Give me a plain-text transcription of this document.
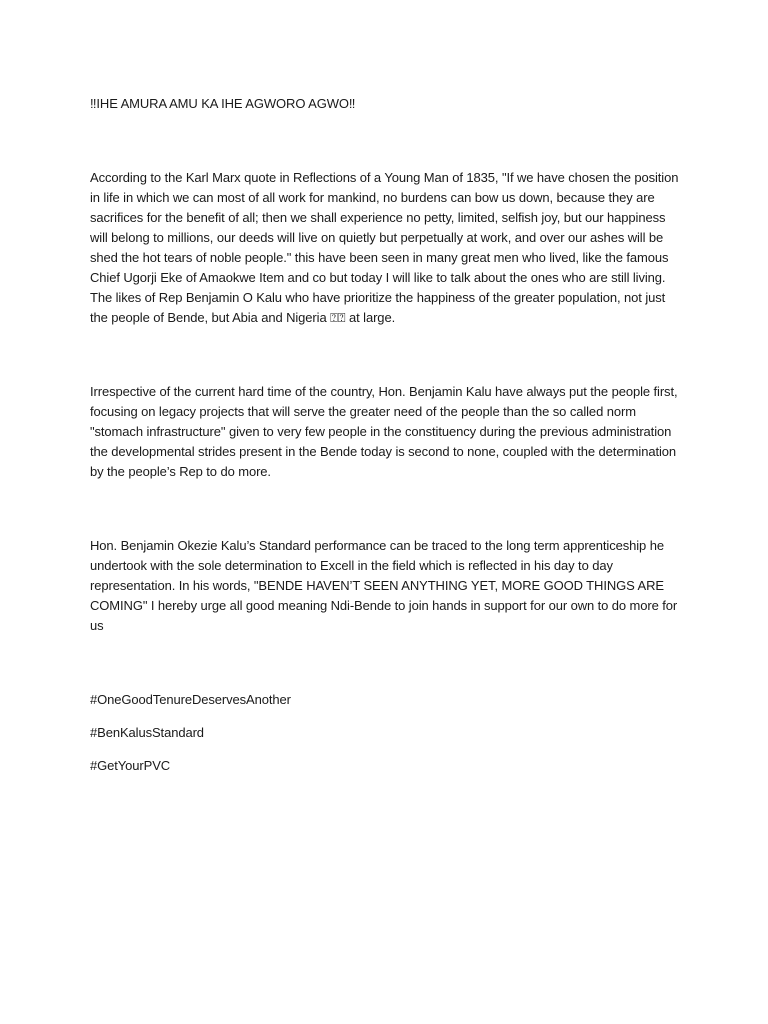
‼IHE AMURA AMU KA IHE AGWORO AGWO‼

According to the Karl Marx quote in Reflections of a Young Man of 1835, "If we have chosen the position in life in which we can most of all work for mankind, no burdens can bow us down, because they are sacrifices for the benefit of all; then we shall experience no petty, limited, selfish joy, but our happiness will belong to millions, our deeds will live on quietly but perpetually at work, and over our ashes will be shed the hot tears of noble people." this have been seen in many great men who lived, like the famous Chief Ugorji Eke of Amaokwe Item and co but today I will like to talk about the ones who are still living. The likes of Rep Benjamin O Kalu who have prioritize the happiness of the greater population, not just the people of Bende, but Abia and Nigeria ⍰⍰ at large.

Irrespective of the current hard time of the country, Hon. Benjamin Kalu have always put the people first, focusing on legacy projects that will serve the greater need of the people than the so called norm "stomach infrastructure" given to very few people in the constituency during the previous administration the developmental strides present in the Bende today is second to none, coupled with the determination by the people’s Rep to do more.

Hon. Benjamin Okezie Kalu’s Standard performance can be traced to the long term apprenticeship he undertook with the sole determination to Excell in the field which is reflected in his day to day representation. In his words, "BENDE HAVEN’T SEEN ANYTHING YET, MORE GOOD THINGS ARE COMING" I hereby urge all good meaning Ndi-Bende to join hands in support for our own to do more for us

#OneGoodTenureDeservesAnother

#BenKalusStandard

#GetYourPVC
